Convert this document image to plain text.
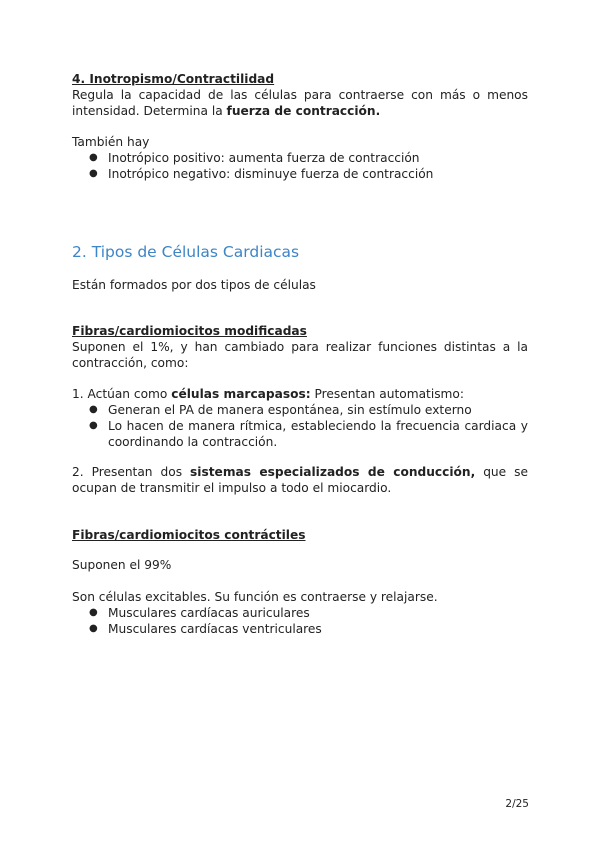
4. Inotropismo/Contractilidad
Regula la capacidad de las células para contraerse con más o menos intensidad. Determina la fuerza de contracción.
También hay
● Inotrópico positivo: aumenta fuerza de contracción
● Inotrópico negativo: disminuye fuerza de contracción
2. Tipos de Células Cardiacas
Están formados por dos tipos de células
Fibras/cardiomiocitos modificadas
Suponen el 1%, y han cambiado para realizar funciones distintas a la contracción, como:
1. Actúan como células marcapasos: Presentan automatismo:
● Generan el PA de manera espontánea, sin estímulo externo
● Lo hacen de manera rítmica, estableciendo la frecuencia cardiaca y coordinando la contracción.
2. Presentan dos sistemas especializados de conducción, que se ocupan de transmitir el impulso a todo el miocardio.
Fibras/cardiomiocitos contráctiles
Suponen el 99%
Son células excitables. Su función es contraerse y relajarse.
● Musculares cardíacas auriculares
● Musculares cardíacas ventriculares
2/25
